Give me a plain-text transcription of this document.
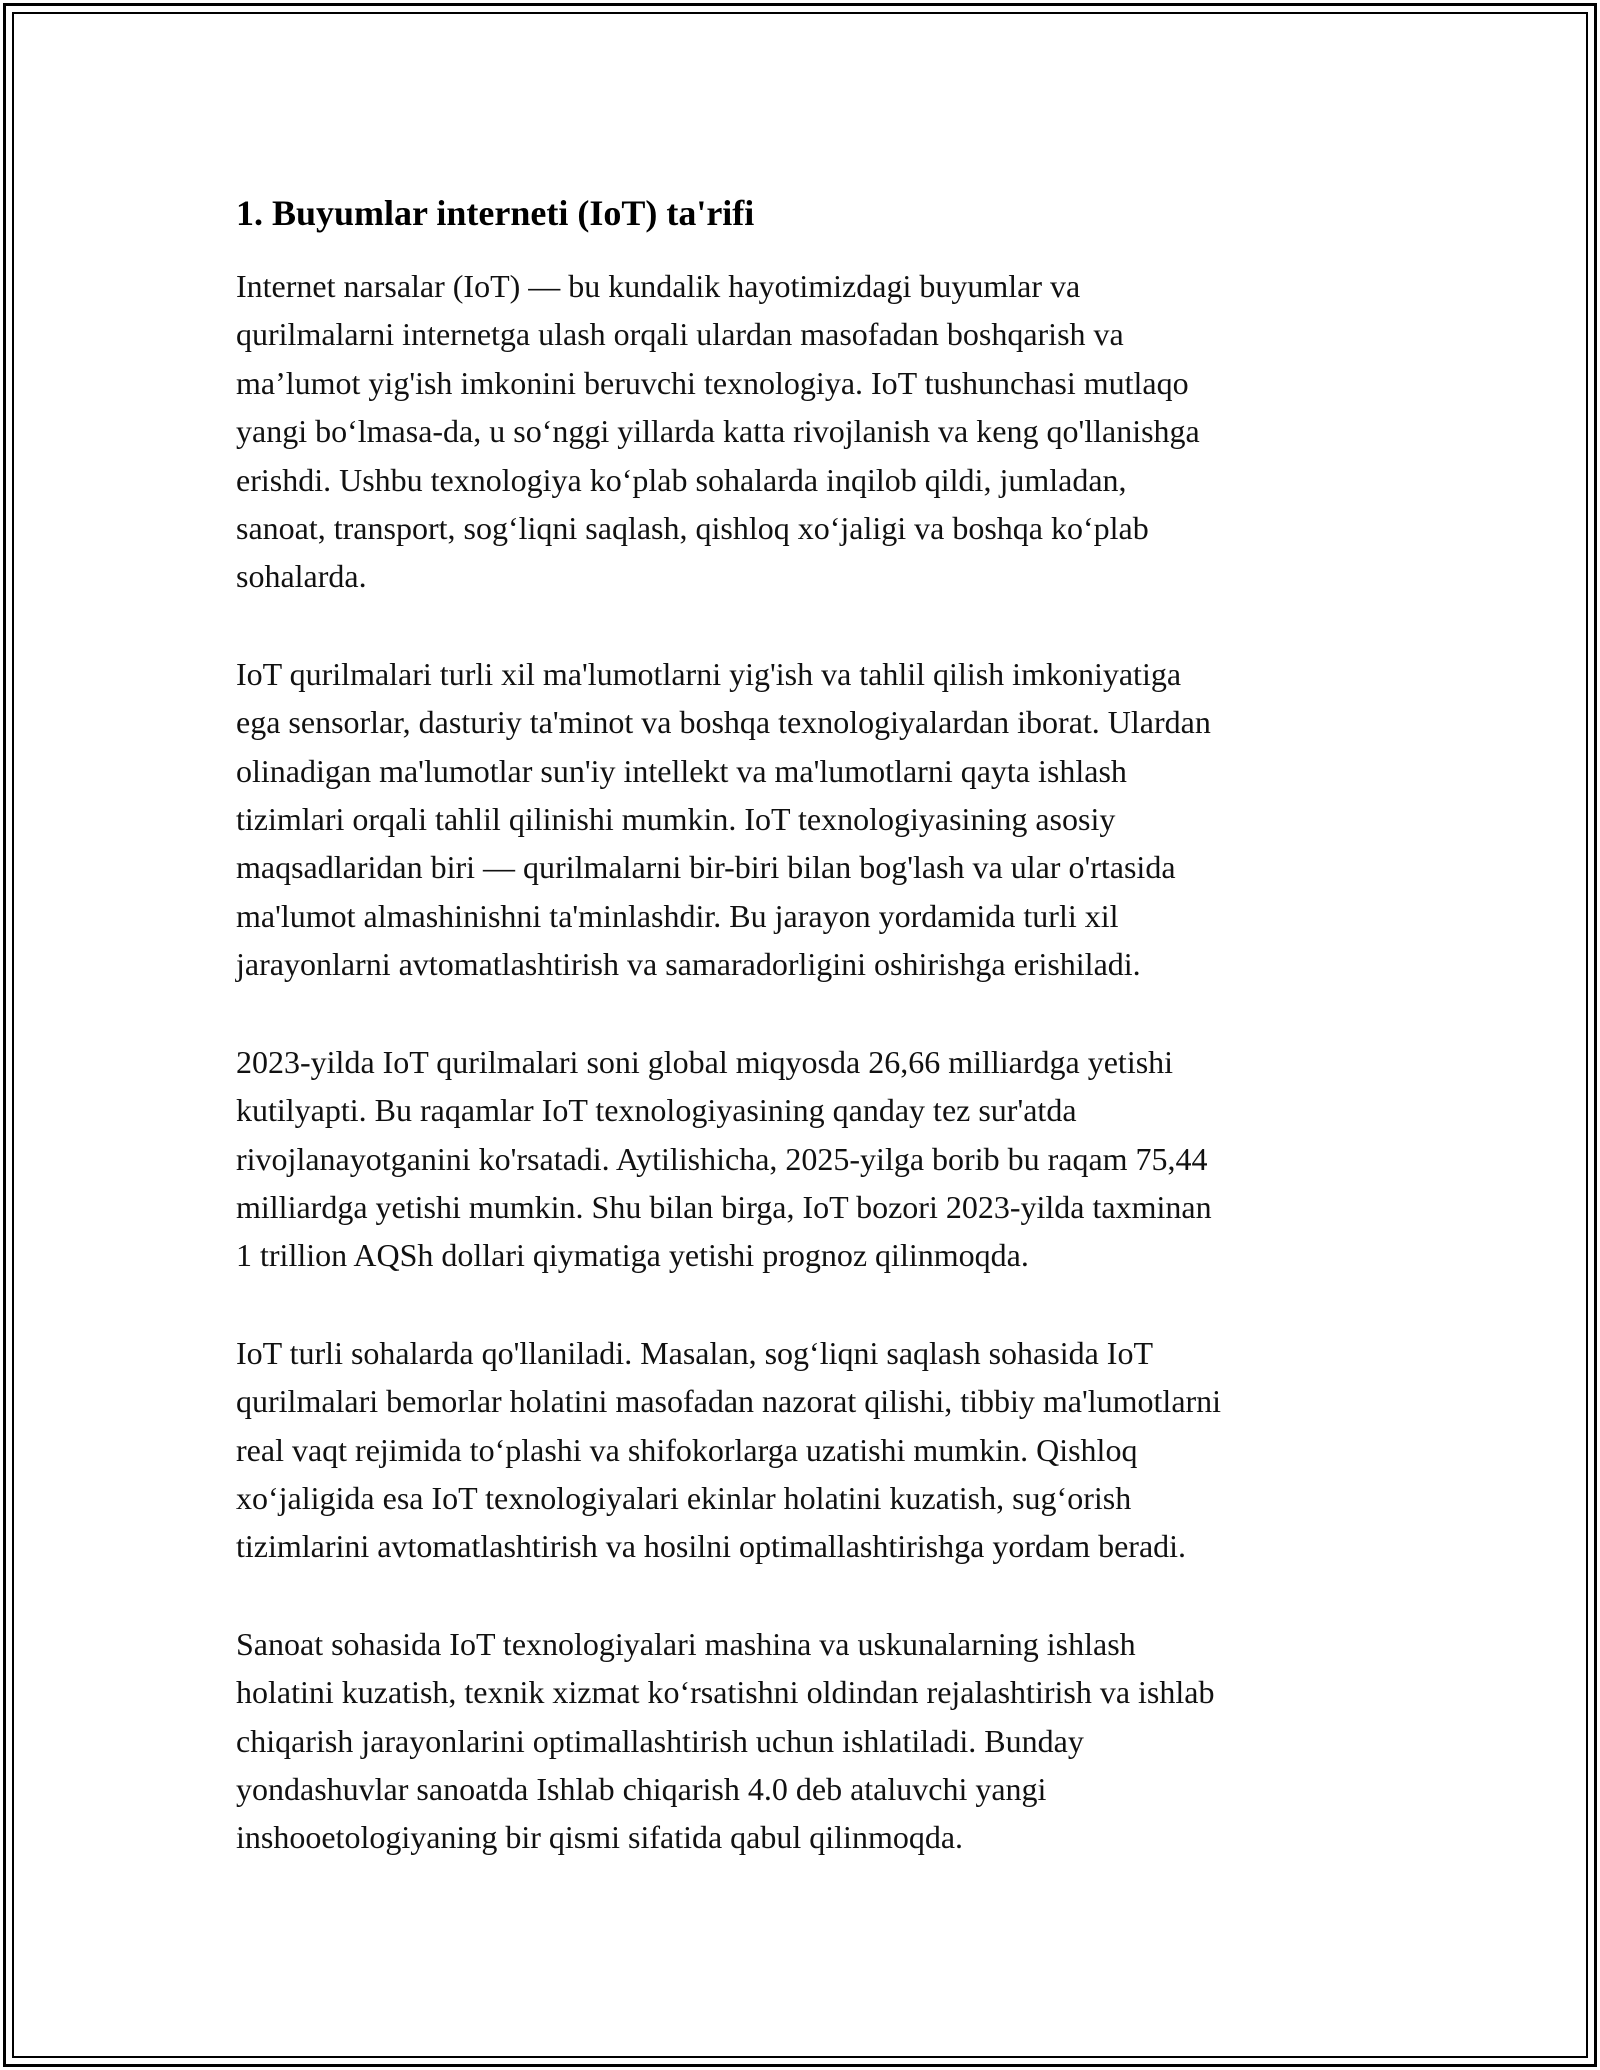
1. Buyumlar interneti (IoT) ta'rifi

Internet narsalar (IoT) — bu kundalik hayotimizdagi buyumlar va
qurilmalarni internetga ulash orqali ulardan masofadan boshqarish va
ma’lumot yig'ish imkonini beruvchi texnologiya. IoT tushunchasi mutlaqo
yangi bo‘lmasa-da, u so‘nggi yillarda katta rivojlanish va keng qo'llanishga
erishdi. Ushbu texnologiya ko‘plab sohalarda inqilob qildi, jumladan,
sanoat, transport, sog‘liqni saqlash, qishloq xo‘jaligi va boshqa ko‘plab
sohalarda.

IoT qurilmalari turli xil ma'lumotlarni yig'ish va tahlil qilish imkoniyatiga
ega sensorlar, dasturiy ta'minot va boshqa texnologiyalardan iborat. Ulardan
olinadigan ma'lumotlar sun'iy intellekt va ma'lumotlarni qayta ishlash
tizimlari orqali tahlil qilinishi mumkin. IoT texnologiyasining asosiy
maqsadlaridan biri — qurilmalarni bir-biri bilan bog'lash va ular o'rtasida
ma'lumot almashinishni ta'minlashdir. Bu jarayon yordamida turli xil
jarayonlarni avtomatlashtirish va samaradorligini oshirishga erishiladi.

2023-yilda IoT qurilmalari soni global miqyosda 26,66 milliardga yetishi
kutilyapti. Bu raqamlar IoT texnologiyasining qanday tez sur'atda
rivojlanayotganini ko'rsatadi. Aytilishicha, 2025-yilga borib bu raqam 75,44
milliardga yetishi mumkin. Shu bilan birga, IoT bozori 2023-yilda taxminan
1 trillion AQSh dollari qiymatiga yetishi prognoz qilinmoqda.

IoT turli sohalarda qo'llaniladi. Masalan, sog‘liqni saqlash sohasida IoT
qurilmalari bemorlar holatini masofadan nazorat qilishi, tibbiy ma'lumotlarni
real vaqt rejimida to‘plashi va shifokorlarga uzatishi mumkin. Qishloq
xo‘jaligida esa IoT texnologiyalari ekinlar holatini kuzatish, sug‘orish
tizimlarini avtomatlashtirish va hosilni optimallashtirishga yordam beradi.

Sanoat sohasida IoT texnologiyalari mashina va uskunalarning ishlash
holatini kuzatish, texnik xizmat ko‘rsatishni oldindan rejalashtirish va ishlab
chiqarish jarayonlarini optimallashtirish uchun ishlatiladi. Bunday
yondashuvlar sanoatda Ishlab chiqarish 4.0 deb ataluvchi yangi
inshooetologiyaning bir qismi sifatida qabul qilinmoqda.
